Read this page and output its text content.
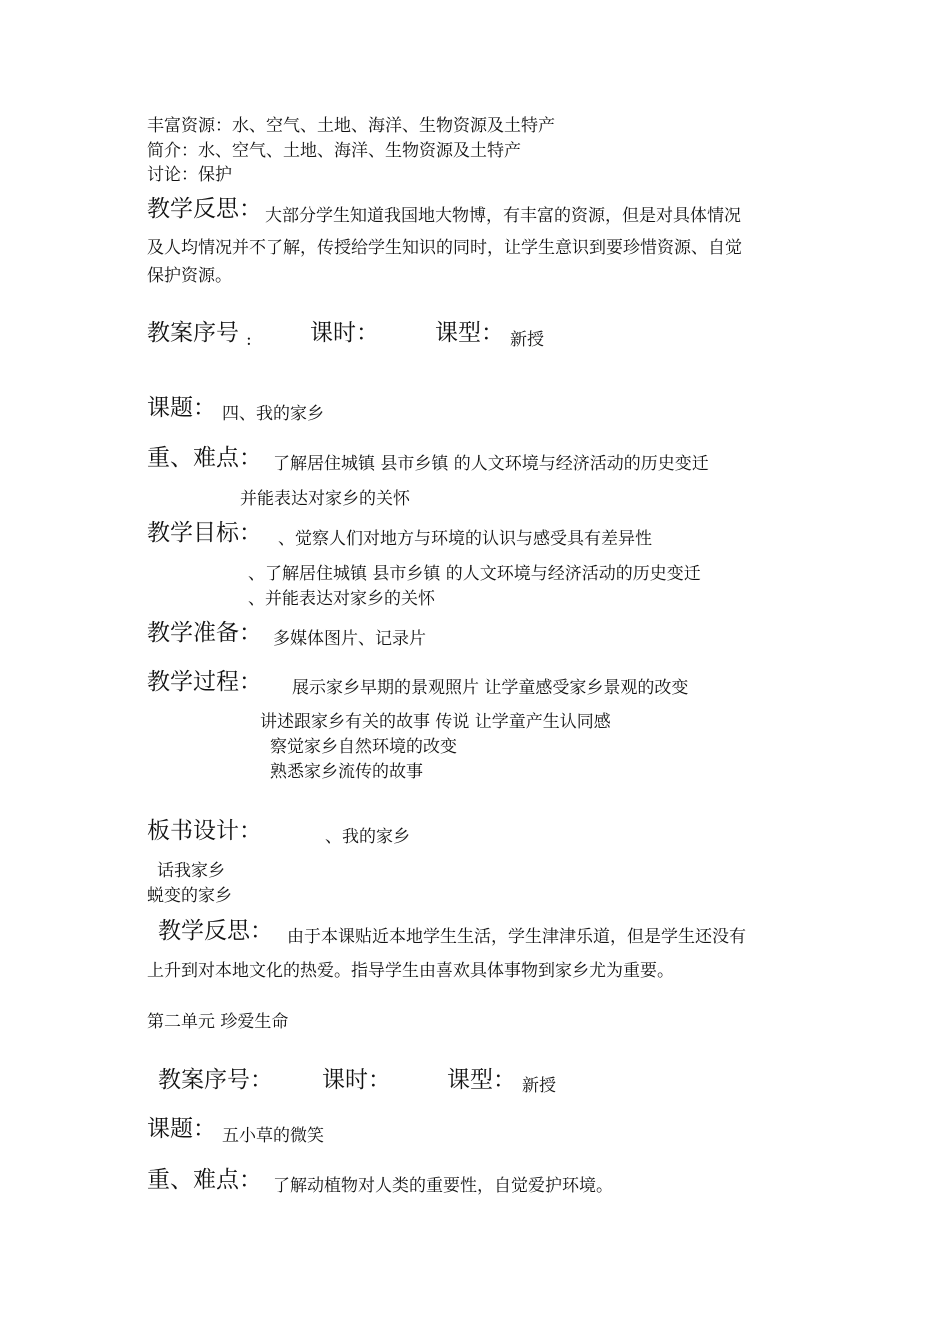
丰富资源：水、空气、土地、海洋、生物资源及土特产
简介：水、空气、土地、海洋、生物资源及土特产
讨论：保护
教学反思： 大部分学生知道我国地大物博，有丰富的资源，但是对具体情况
及人均情况并不了解，传授给学生知识的同时，让学生意识到要珍惜资源、自觉
保护资源。
教案序号 :	课时： 课型： 新授
课题： 四、我的家乡
重、难点： 了解居住城镇 县市乡镇 的人文环境与经济活动的历史变迁
并能表达对家乡的关怀
教学目标： 、觉察人们对地方与环境的认识与感受具有差异性
、了解居住城镇 县市乡镇 的人文环境与经济活动的历史变迁
、并能表达对家乡的关怀
教学准备： 多媒体图片、记录片
教学过程： 展示家乡早期的景观照片 让学童感受家乡景观的改变
讲述跟家乡有关的故事 传说 让学童产生认同感
察觉家乡自然环境的改变
熟悉家乡流传的故事
板书设计：	、我的家乡
话我家乡
蜕变的家乡
教学反思： 由于本课贴近本地学生生活，学生津津乐道，但是学生还没有
上升到对本地文化的热爱。指导学生由喜欢具体事物到家乡尤为重要。
第二单元 珍爱生命
教案序号： 课时： 课型： 新授
课题： 五小草的微笑
重、难点： 了解动植物对人类的重要性，自觉爱护环境。
